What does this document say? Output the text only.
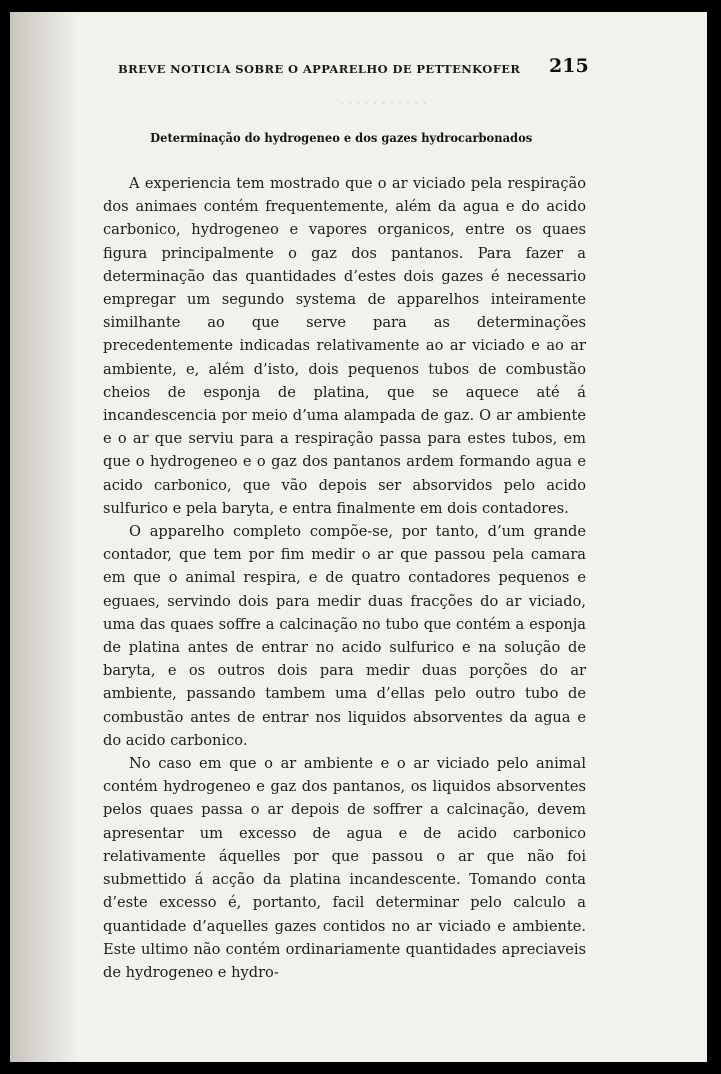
· · · · · · · · · · ·
BREVE NOTICIA SOBRE O APPARELHO DE PETTENKOFER	215
Determinação do hydrogeneo e dos gazes hydrocarbonados

A experiencia tem mostrado que o ar viciado pela respiração dos animaes contém frequentemente, além da agua e do acido carbonico, hydrogeneo e vapores organicos, entre os quaes figura principalmente o gaz dos pantanos. Para fazer a determinação das quantidades d’estes dois gazes é necessario empregar um segundo systema de apparelhos inteiramente similhante ao que serve para as determinações precedentemente indicadas relativamente ao ar viciado e ao ar ambiente, e, além d’isto, dois pequenos tubos de combustão cheios de esponja de platina, que se aquece até á incandescencia por meio d’uma alampada de gaz. O ar ambiente e o ar que serviu para a respiração passa para estes tubos, em que o hydrogeneo e o gaz dos pantanos ardem formando agua e acido carbonico, que vão depois ser absorvidos pelo acido sulfurico e pela baryta, e entra finalmente em dois contadores.

O apparelho completo compõe-se, por tanto, d’um grande contador, que tem por fim medir o ar que passou pela camara em que o animal respira, e de quatro contadores pequenos e eguaes, servindo dois para medir duas fracções do ar viciado, uma das quaes soffre a calcinação no tubo que contém a esponja de platina antes de entrar no acido sulfurico e na solução de baryta, e os outros dois para medir duas porções do ar ambiente, passando tambem uma d’ellas pelo outro tubo de combustão antes de entrar nos liquidos absorventes da agua e do acido carbonico.

No caso em que o ar ambiente e o ar viciado pelo animal contém hydrogeneo e gaz dos pantanos, os liquidos absorventes pelos quaes passa o ar depois de soffrer a calcinação, devem apresentar um excesso de agua e de acido carbonico relativamente áquelles por que passou o ar que não foi submettido á acção da platina incandescente. Tomando conta d’este excesso é, portanto, facil determinar pelo calculo a quantidade d’aquelles gazes contidos no ar viciado e ambiente. Este ultimo não contém ordinariamente quantidades apreciaveis de hydrogeneo e hydro-
